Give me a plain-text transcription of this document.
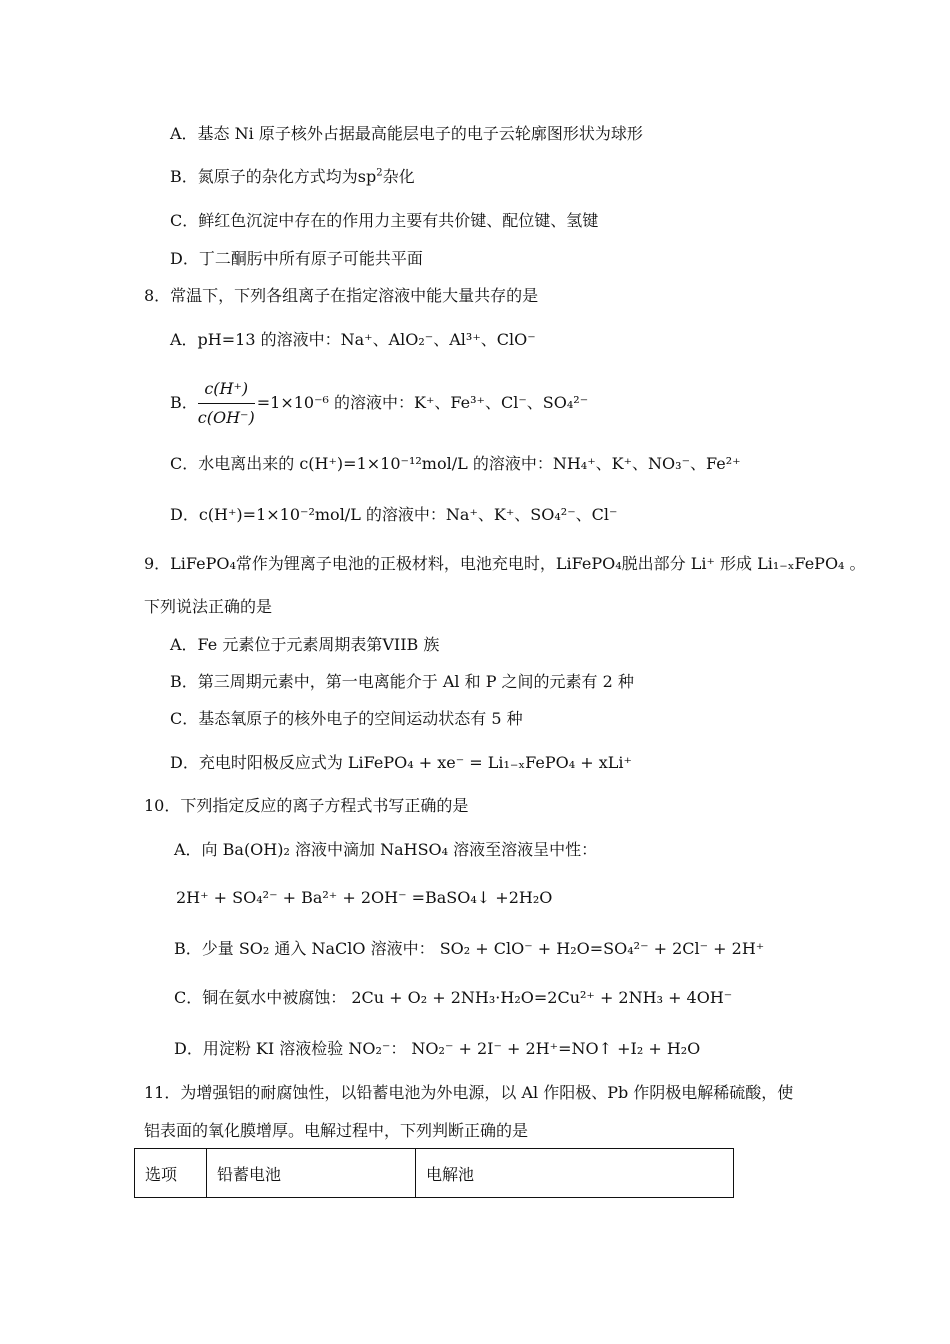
A．基态 Ni 原子核外占据最高能层电子的电子云轮廓图形状为球形
B．氮原子的杂化方式均为$sp^2$杂化
C．鲜红色沉淀中存在的作用力主要有共价键、配位键、氢键
D．丁二酮肟中所有原子可能共平面
8．常温下，下列各组离子在指定溶液中能大量共存的是
A．pH=13 的溶液中：Na⁺、AlO₂⁻、Al³⁺、ClO⁻
B． $\frac{c(H^+)}{c(OH^-)} =1\times 10^{-6}$ 的溶液中：K⁺、Fe³⁺、Cl⁻、SO₄²⁻
C．水电离出来的 c(H⁺)=1×10⁻¹²mol/L 的溶液中：NH₄⁺、K⁺、NO₃⁻、Fe²⁺
D．c(H⁺)=1×10⁻²mol/L 的溶液中：Na⁺、K⁺、SO₄²⁻、Cl⁻
9．LiFePO₄常作为锂离子电池的正极材料，电池充电时，LiFePO₄脱出部分 Li⁺ 形成 Li₁₋ₓFePO₄ 。
下列说法正确的是
A．Fe 元素位于元素周期表第VIIB 族
B．第三周期元素中，第一电离能介于 Al 和 P 之间的元素有 2 种
C．基态氧原子的核外电子的空间运动状态有 5 种
D．充电时阳极反应式为 LiFePO₄ + xe⁻ = Li₁₋ₓFePO₄ + xLi⁺
10．下列指定反应的离子方程式书写正确的是
A．向 Ba(OH)₂ 溶液中滴加 NaHSO₄ 溶液至溶液呈中性：
2H⁺ + SO₄²⁻ + Ba²⁺ + 2OH⁻ =BaSO₄↓ +2H₂O
B．少量 SO₂ 通入 NaClO 溶液中： SO₂ + ClO⁻ + H₂O=SO₄²⁻ + 2Cl⁻ + 2H⁺
C．铜在氨水中被腐蚀： 2Cu + O₂ + 2NH₃·H₂O=2Cu²⁺ + 2NH₃ + 4OH⁻
D．用淀粉 KI 溶液检验 NO₂⁻： NO₂⁻ + 2I⁻ + 2H⁺=NO↑ +I₂ + H₂O
11．为增强铝的耐腐蚀性，以铅蓄电池为外电源，以 Al 作阳极、Pb 作阴极电解稀硫酸，使
铝表面的氧化膜增厚。电解过程中，下列判断正确的是
选项	铅蓄电池	电解池
